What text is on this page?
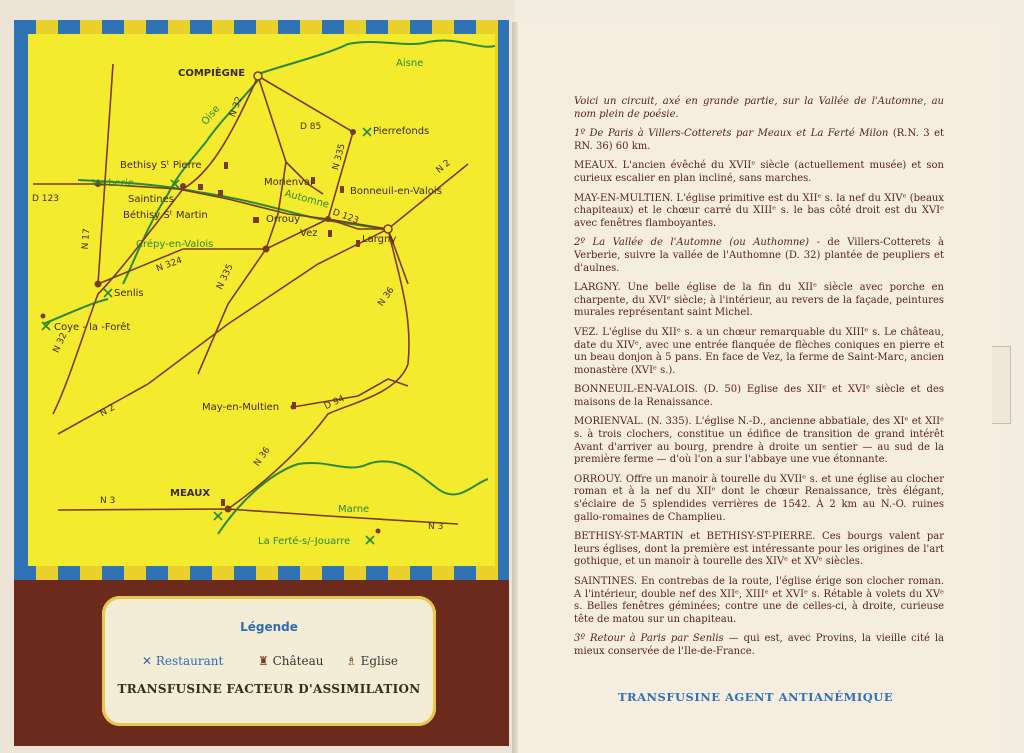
COMPIÈGNE
Pierrefonds
Bethisy Sᵗ Pierre
Verberie
Saintines
Béthisy Sᵗ Martin
Morienval
Orrouy
Bonneuil-en-Valois
Vez
Largny
Crépy-en-Valois
Senlis
Coye - la -Forêt
May-en-Multien
MEAUX
La Ferté-s/-Jouarre
Aisne
Oise
Automne
Marne
N 32
D 85
N 335	N 2
D 123
D 123
N 17
N 324	N 335
N 36
N 32
N 2	D 94
N 36
N 3
N 3
Légende
✕ Restaurant	♜ Château ♗ Eglise
TRANSFUSINE FACTEUR D'ASSIMILATION

Voici un circuit, axé en grande partie, sur la Vallée de l'Automne, au nom plein de poésie.

1º De Paris à Villers-Cotterets par Meaux et La Ferté Milon (R.N. 3 et RN. 36) 60 km.

MEAUX. L'ancien évêché du XVIIᵉ siècle (actuellement musée) et son curieux escalier en plan incliné, sans marches.

MAY-EN-MULTIEN. L'église primitive est du XIIᵉ s. la nef du XIVᵉ (beaux chapiteaux) et le chœur carré du XIIIᵉ s. le bas côté droit est du XVIᵉ avec fenêtres flamboyantes.

2º La Vallée de l'Automne (ou Authomne) - de Villers-Cotterets à Verberie, suivre la vallée de l'Authomne (D. 32) plantée de peupliers et d'aulnes.

LARGNY. Une belle église de la fin du XIIᵉ siècle avec porche en charpente, du XVIᵉ siècle; à l'intérieur, au revers de la façade, peintures murales représentant saint Michel.

VEZ. L'église du XIIᵉ s. a un chœur remarquable du XIIIᵉ s. Le château, date du XIVᵉ, avec une entrée flanquée de flèches coniques en pierre et un beau donjon à 5 pans. En face de Vez, la ferme de Saint-Marc, ancien monastère (XVIᵉ s.).

BONNEUIL-EN-VALOIS. (D. 50) Eglise des XIIᵉ et XVIᵉ siècle et des maisons de la Renaissance.

MORIENVAL. (N. 335). L'église N.-D., ancienne abbatiale, des XIᵉ et XIIᵉ s. à trois clochers, constitue un édifice de transition de grand intérêt Avant d'arriver au bourg, prendre à droite un sentier — au sud de la première ferme — d'où l'on a sur l'abbaye une vue étonnante.

ORROUY. Offre un manoir à tourelle du XVIIᵉ s. et une église au clocher roman et à la nef du XIIᵉ dont le chœur Renaissance, très élégant, s'éclaire de 5 splendides verrières de 1542. À 2 km au N.-O. ruines gallo-romaines de Champlieu.

BETHISY-ST-MARTIN et BETHISY-ST-PIERRE. Ces bourgs valent par leurs églises, dont la première est intéressante pour les origines de l'art gothique, et un manoir à tourelle des XIVᵉ et XVᵉ siècles.

SAINTINES. En contrebas de la route, l'église érige son clocher roman. A l'intérieur, double nef des XIIᵉ, XIIIᵉ et XVIᵉ s. Rétable à volets du XVᵉ s. Belles fenêtres géminées; contre une de celles-ci, à droite, curieuse tête de matou sur un chapiteau.

3º Retour à Paris par Senlis — qui est, avec Provins, la vieille cité la mieux conservée de l'Ile-de-France.

TRANSFUSINE AGENT ANTIANÉMIQUE
